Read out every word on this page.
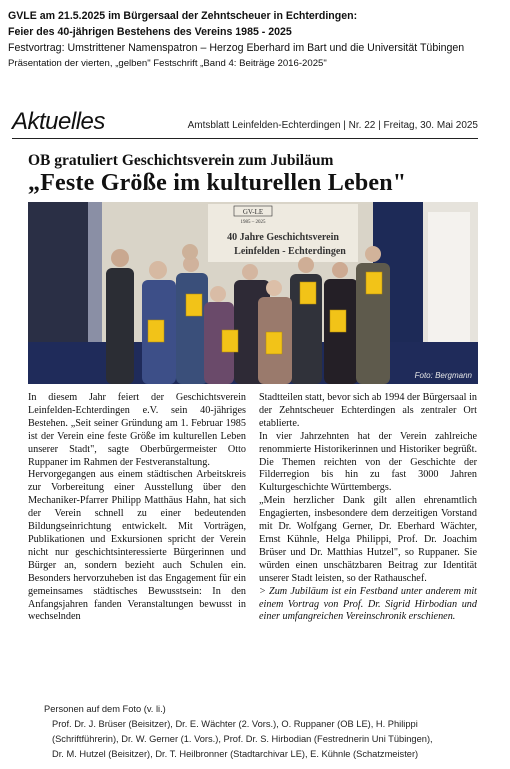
GVLE am 21.5.2025 im Bürgersaal der Zehntscheuer in Echterdingen:
Feier des 40-jährigen Bestehens des Vereins 1985 - 2025
Festvortrag: Umstrittener Namenspatron – Herzog Eberhard im Bart und die Universität Tübingen
Präsentation der vierten, „gelben" Festschrift „Band 4: Beiträge 2016-2025"
Aktuelles	Amtsblatt Leinfelden-Echterdingen | Nr. 22 | Freitag, 30. Mai 2025
OB gratuliert Geschichtsverein zum Jubiläum
„Feste Größe im kulturellen Leben"
GV-LE
1985 – 2025
40 Jahre Geschichtsverein
Leinfelden - Echterdingen
Foto: Bergmann

In diesem Jahr feiert der Geschichtsverein Leinfelden-Echterdingen e.V. sein 40-jähriges Bestehen. „Seit seiner Gründung am 1. Februar 1985 ist der Verein eine feste Größe im kulturellen Leben unserer Stadt", sagte Oberbürgermeister Otto Ruppaner im Rahmen der Festveranstaltung.

Hervorgegangen aus einem städtischen Arbeitskreis zur Vorbereitung einer Ausstellung über den Mechaniker-Pfarrer Philipp Matthäus Hahn, hat sich der Verein schnell zu einer bedeutenden Bildungseinrichtung entwickelt. Mit Vorträgen, Publikationen und Exkursionen spricht der Verein nicht nur geschichtsinteressierte Bürgerinnen und Bürger an, sondern bezieht auch Schulen ein. Besonders hervorzuheben ist das Engagement für ein gemeinsames städtisches Bewusstsein: In den Anfangsjahren fanden Veranstaltungen bewusst in wechselnden

Stadtteilen statt, bevor sich ab 1994 der Bürgersaal in der Zehntscheuer Echterdingen als zentraler Ort etablierte.

In vier Jahrzehnten hat der Verein zahlreiche renommierte Historikerinnen und Historiker begrüßt. Die Themen reichten von der Geschichte der Filderregion bis hin zu fast 3000 Jahren Kulturgeschichte Württembergs.

„Mein herzlicher Dank gilt allen ehrenamtlich Engagierten, insbesondere dem derzeitigen Vorstand mit Dr. Wolfgang Gerner, Dr. Eberhard Wächter, Ernst Kühnle, Helga Philippi, Prof. Dr. Joachim Brüser und Dr. Matthias Hutzel", so Ruppaner. Sie würden einen unschätzbaren Beitrag zur Identität unserer Stadt leisten, so der Rathauschef.

> Zum Jubiläum ist ein Festband unter anderem mit einem Vortrag von Prof. Dr. Sigrid Hirbodian und einer umfangreichen Vereinschronik erschienen.

Personen auf dem Foto (v. li.)
Prof. Dr. J. Brüser (Beisitzer), Dr. E. Wächter (2. Vors.), O. Ruppaner (OB LE), H. Philippi
(Schriftführerin), Dr. W. Gerner (1. Vors.), Prof. Dr. S. Hirbodian (Festrednerin Uni Tübingen),
Dr. M. Hutzel (Beisitzer), Dr. T. Heilbronner (Stadtarchivar LE), E. Kühnle (Schatzmeister)
